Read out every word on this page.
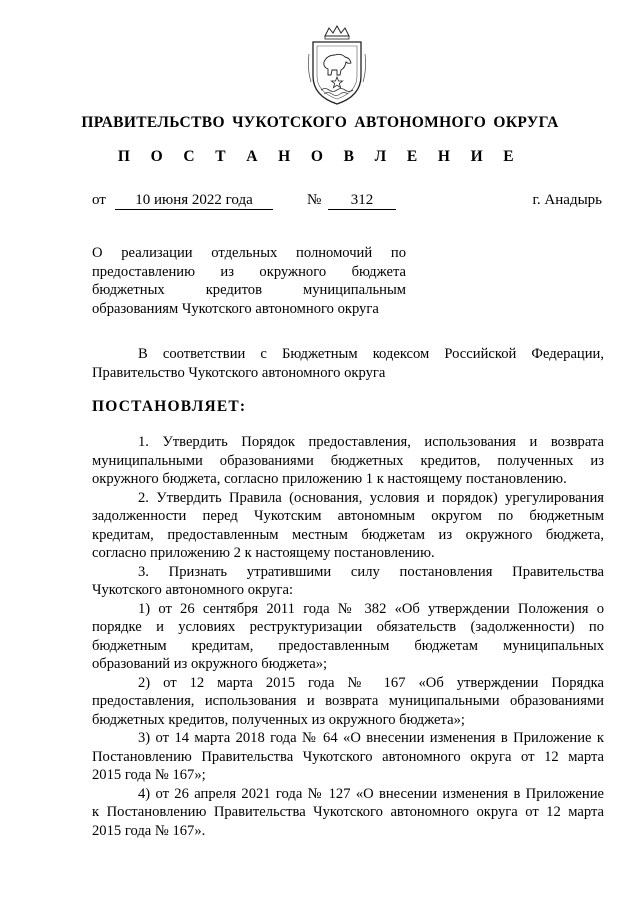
ПРАВИТЕЛЬСТВО ЧУКОТСКОГО АВТОНОМНОГО ОКРУГА
П О С Т А Н О В Л Е Н И Е
от	10 июня 2022 года	№	312	г. Анадырь
О реализации отдельных полномочий по
предоставлению из окружного бюджета
бюджетных кредитов муниципальным
образованиям Чукотского автономного округа
В соответствии с Бюджетным кодексом Российской Федерации,
Правительство Чукотского автономного округа
ПОСТАНОВЛЯЕТ:
1. Утвердить Порядок предоставления, использования и возврата
муниципальными образованиями бюджетных кредитов, полученных из
окружного бюджета, согласно приложению 1 к настоящему постановлению.
2. Утвердить Правила (основания, условия и порядок) урегулирования
задолженности перед Чукотским автономным округом по бюджетным
кредитам, предоставленным местным бюджетам из окружного бюджета,
согласно приложению 2 к настоящему постановлению.
3. Признать утратившими силу постановления Правительства
Чукотского автономного округа:
1) от 26 сентября 2011 года № 382 «Об утверждении Положения о
порядке и условиях реструктуризации обязательств (задолженности) по
бюджетным кредитам, предоставленным бюджетам муниципальных
образований из окружного бюджета»;
2) от 12 марта 2015 года № 167 «Об утверждении Порядка
предоставления, использования и возврата муниципальными образованиями
бюджетных кредитов, полученных из окружного бюджета»;
3) от 14 марта 2018 года № 64 «О внесении изменения в Приложение к
Постановлению Правительства Чукотского автономного округа от 12 марта
2015 года № 167»;
4) от 26 апреля 2021 года № 127 «О внесении изменения в Приложение
к Постановлению Правительства Чукотского автономного округа от 12 марта
2015 года № 167».
